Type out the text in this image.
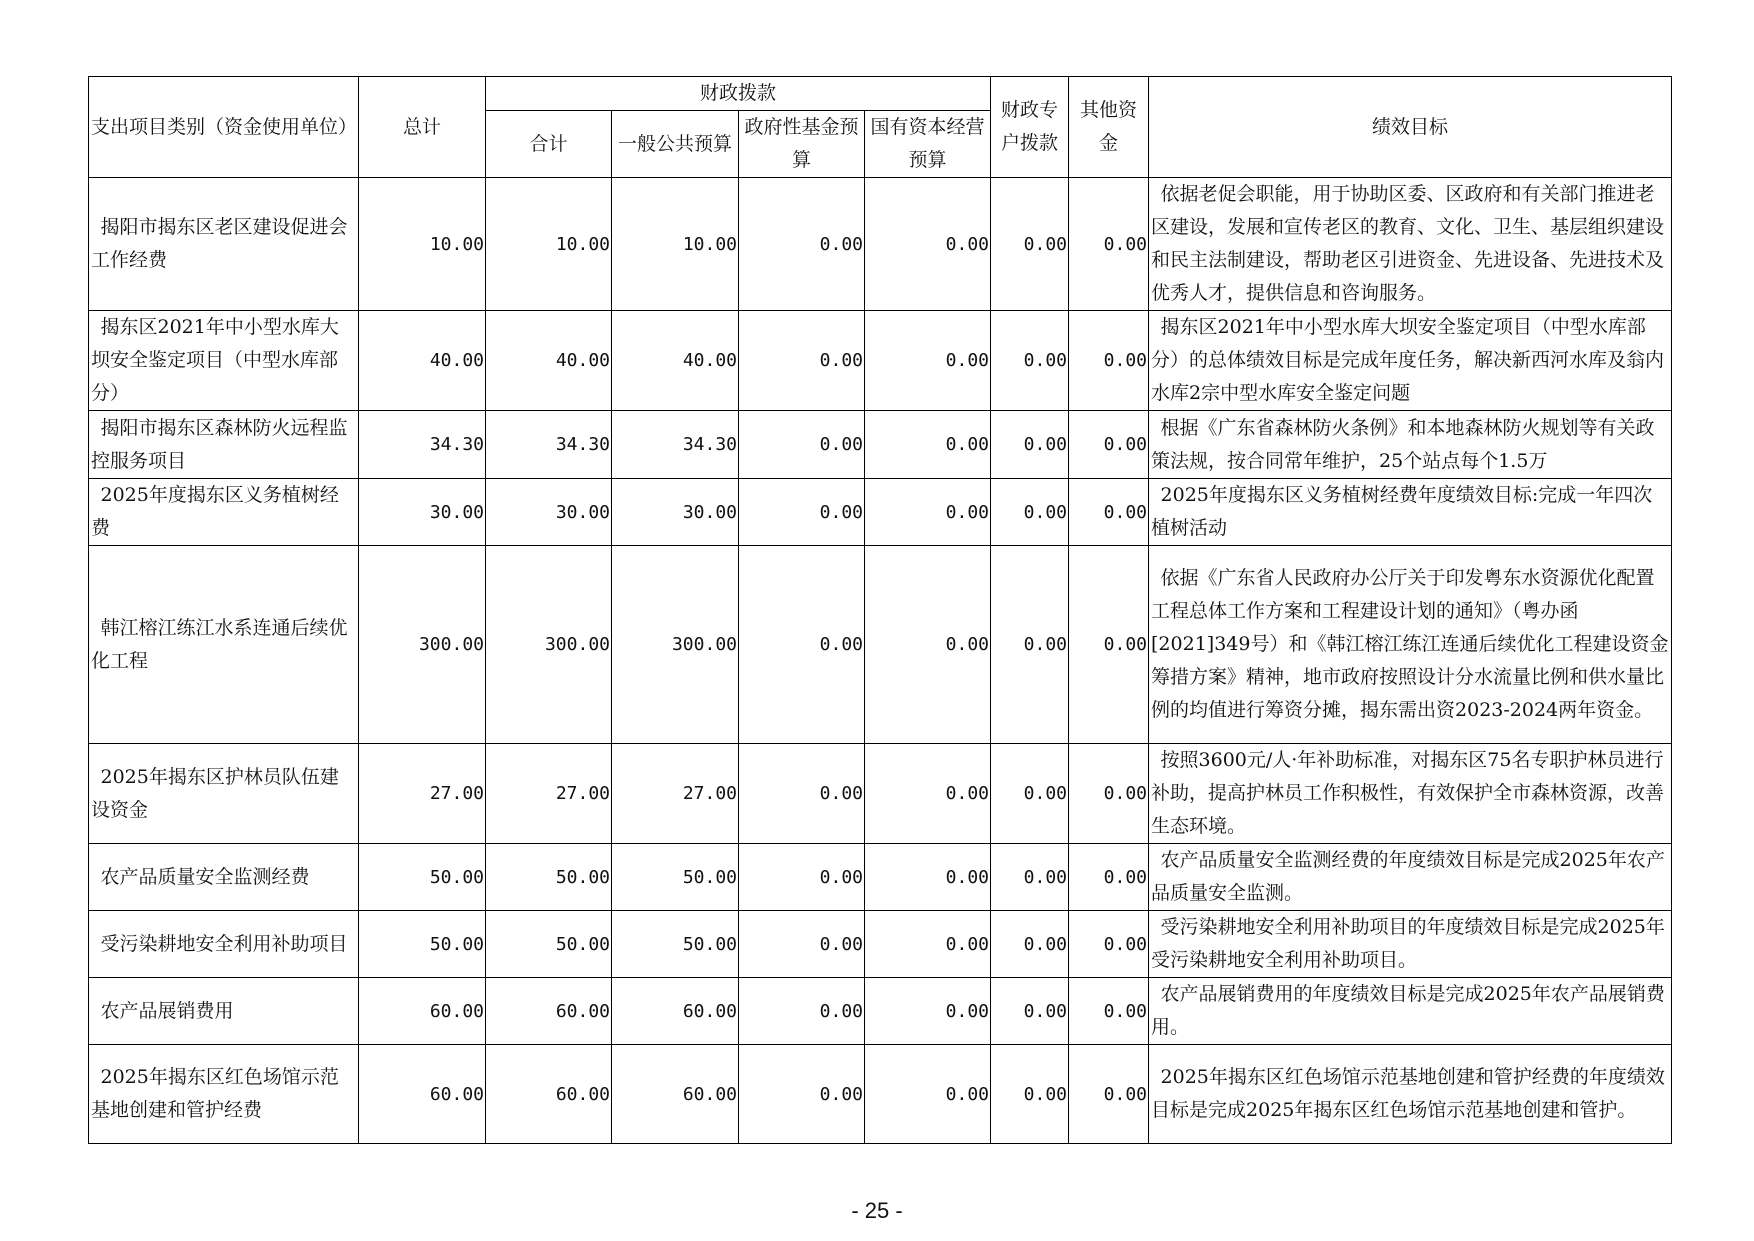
支出项目类别（资金使用单位）	总计	财政拨款				财政专户拨款	其他资金	绩效目标
		合计	一般公共预算	政府性基金预算	国有资本经营预算			
揭阳市揭东区老区建设促进会工作经费	10.00	10.00	10.00	0.00	0.00	0.00	0.00	依据老促会职能，用于协助区委、区政府和有关部门推进老区建设，发展和宣传老区的教育、文化、卫生、基层组织建设和民主法制建设，帮助老区引进资金、先进设备、先进技术及优秀人才，提供信息和咨询服务。
揭东区2021年中小型水库大坝安全鉴定项目（中型水库部分）	40.00	40.00	40.00	0.00	0.00	0.00	0.00	揭东区2021年中小型水库大坝安全鉴定项目（中型水库部分）的总体绩效目标是完成年度任务，解决新西河水库及翁内水库2宗中型水库安全鉴定问题
揭阳市揭东区森林防火远程监控服务项目	34.30	34.30	34.30	0.00	0.00	0.00	0.00	根据《广东省森林防火条例》和本地森林防火规划等有关政策法规，按合同常年维护，25个站点每个1.5万
2025年度揭东区义务植树经费	30.00	30.00	30.00	0.00	0.00	0.00	0.00	2025年度揭东区义务植树经费年度绩效目标:完成一年四次植树活动
韩江榕江练江水系连通后续优化工程	300.00	300.00	300.00	0.00	0.00	0.00	0.00	依据《广东省人民政府办公厅关于印发粤东水资源优化配置工程总体工作方案和工程建设计划的通知》（粤办函[2021]349号）和《韩江榕江练江连通后续优化工程建设资金筹措方案》精神，地市政府按照设计分水流量比例和供水量比例的均值进行筹资分摊，揭东需出资2023-2024两年资金。
2025年揭东区护林员队伍建设资金	27.00	27.00	27.00	0.00	0.00	0.00	0.00	按照3600元/人·年补助标准，对揭东区75名专职护林员进行补助，提高护林员工作积极性，有效保护全市森林资源，改善生态环境。
农产品质量安全监测经费	50.00	50.00	50.00	0.00	0.00	0.00	0.00	农产品质量安全监测经费的年度绩效目标是完成2025年农产品质量安全监测。
受污染耕地安全利用补助项目	50.00	50.00	50.00	0.00	0.00	0.00	0.00	受污染耕地安全利用补助项目的年度绩效目标是完成2025年受污染耕地安全利用补助项目。
农产品展销费用	60.00	60.00	60.00	0.00	0.00	0.00	0.00	农产品展销费用的年度绩效目标是完成2025年农产品展销费用。
2025年揭东区红色场馆示范基地创建和管护经费	60.00	60.00	60.00	0.00	0.00	0.00	0.00	2025年揭东区红色场馆示范基地创建和管护经费的年度绩效目标是完成2025年揭东区红色场馆示范基地创建和管护。
- 25 -
